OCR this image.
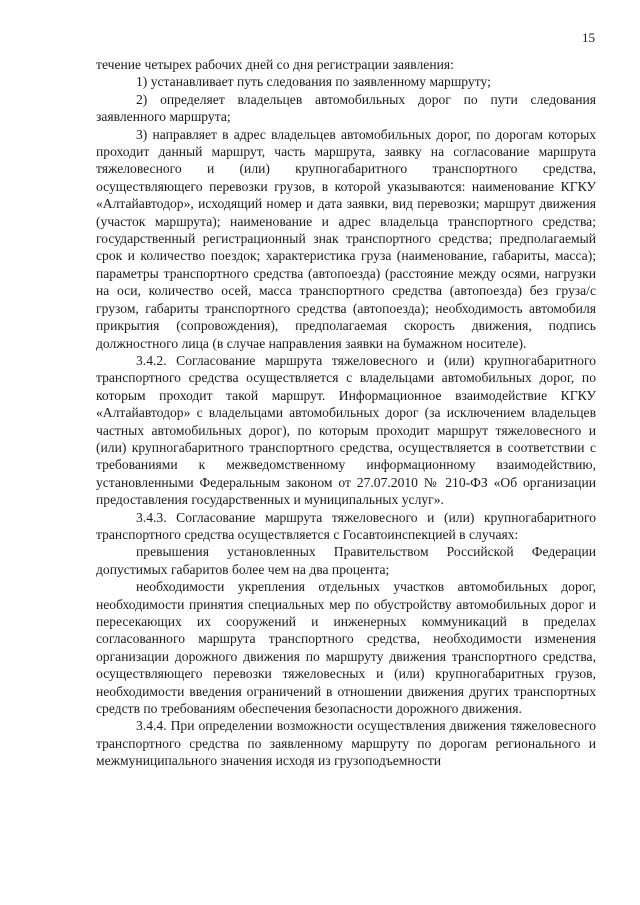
15

течение четырех рабочих дней со дня регистрации заявления:

1) устанавливает путь следования по заявленному маршруту;

2) определяет владельцев автомобильных дорог по пути следования заявленного маршрута;

3) направляет в адрес владельцев автомобильных дорог, по дорогам которых проходит данный маршрут, часть маршрута, заявку на согласование маршрута тяжеловесного и (или) крупногабаритного транспортного средства, осуществляющего перевозки грузов, в которой указываются: наименование КГКУ «Алтайавтодор», исходящий номер и дата заявки, вид перевозки; маршрут движения (участок маршрута); наименование и адрес владельца транспортного средства; государственный регистрационный знак транспортного средства; предполагаемый срок и количество поездок; характеристика груза (наименование, габариты, масса); параметры транспортного средства (автопоезда) (расстояние между осями, нагрузки на оси, количество осей, масса транспортного средства (автопоезда) без груза/с грузом, габариты транспортного средства (автопоезда); необходимость автомобиля прикрытия (сопровождения), предполагаемая скорость движения, подпись должностного лица (в случае направления заявки на бумажном носителе).

3.4.2. Согласование маршрута тяжеловесного и (или) крупногабаритного транспортного средства осуществляется с владельцами автомобильных дорог, по которым проходит такой маршрут. Информационное взаимодействие КГКУ «Алтайавтодор» с владельцами автомобильных дорог (за исключением владельцев частных автомобильных дорог), по которым проходит маршрут тяжеловесного и (или) крупногабаритного транспортного средства, осуществляется в соответствии с требованиями к межведомственному информационному взаимодействию, установленными Федеральным законом от 27.07.2010 № 210-ФЗ «Об организации предоставления государственных и муниципальных услуг».

3.4.3. Согласование маршрута тяжеловесного и (или) крупногабаритного транспортного средства осуществляется с Госавтоинспекцией в случаях:

превышения установленных Правительством Российской Федерации допустимых габаритов более чем на два процента;

необходимости укрепления отдельных участков автомобильных дорог, необходимости принятия специальных мер по обустройству автомобильных дорог и пересекающих их сооружений и инженерных коммуникаций в пределах согласованного маршрута транспортного средства, необходимости изменения организации дорожного движения по маршруту движения транспортного средства, осуществляющего перевозки тяжеловесных и (или) крупногабаритных грузов, необходимости введения ограничений в отношении движения других транспортных средств по требованиям обеспечения безопасности дорожного движения.

3.4.4. При определении возможности осуществления движения тяжеловесного транспортного средства по заявленному маршруту по дорогам регионального и межмуниципального значения исходя из грузоподъемности
